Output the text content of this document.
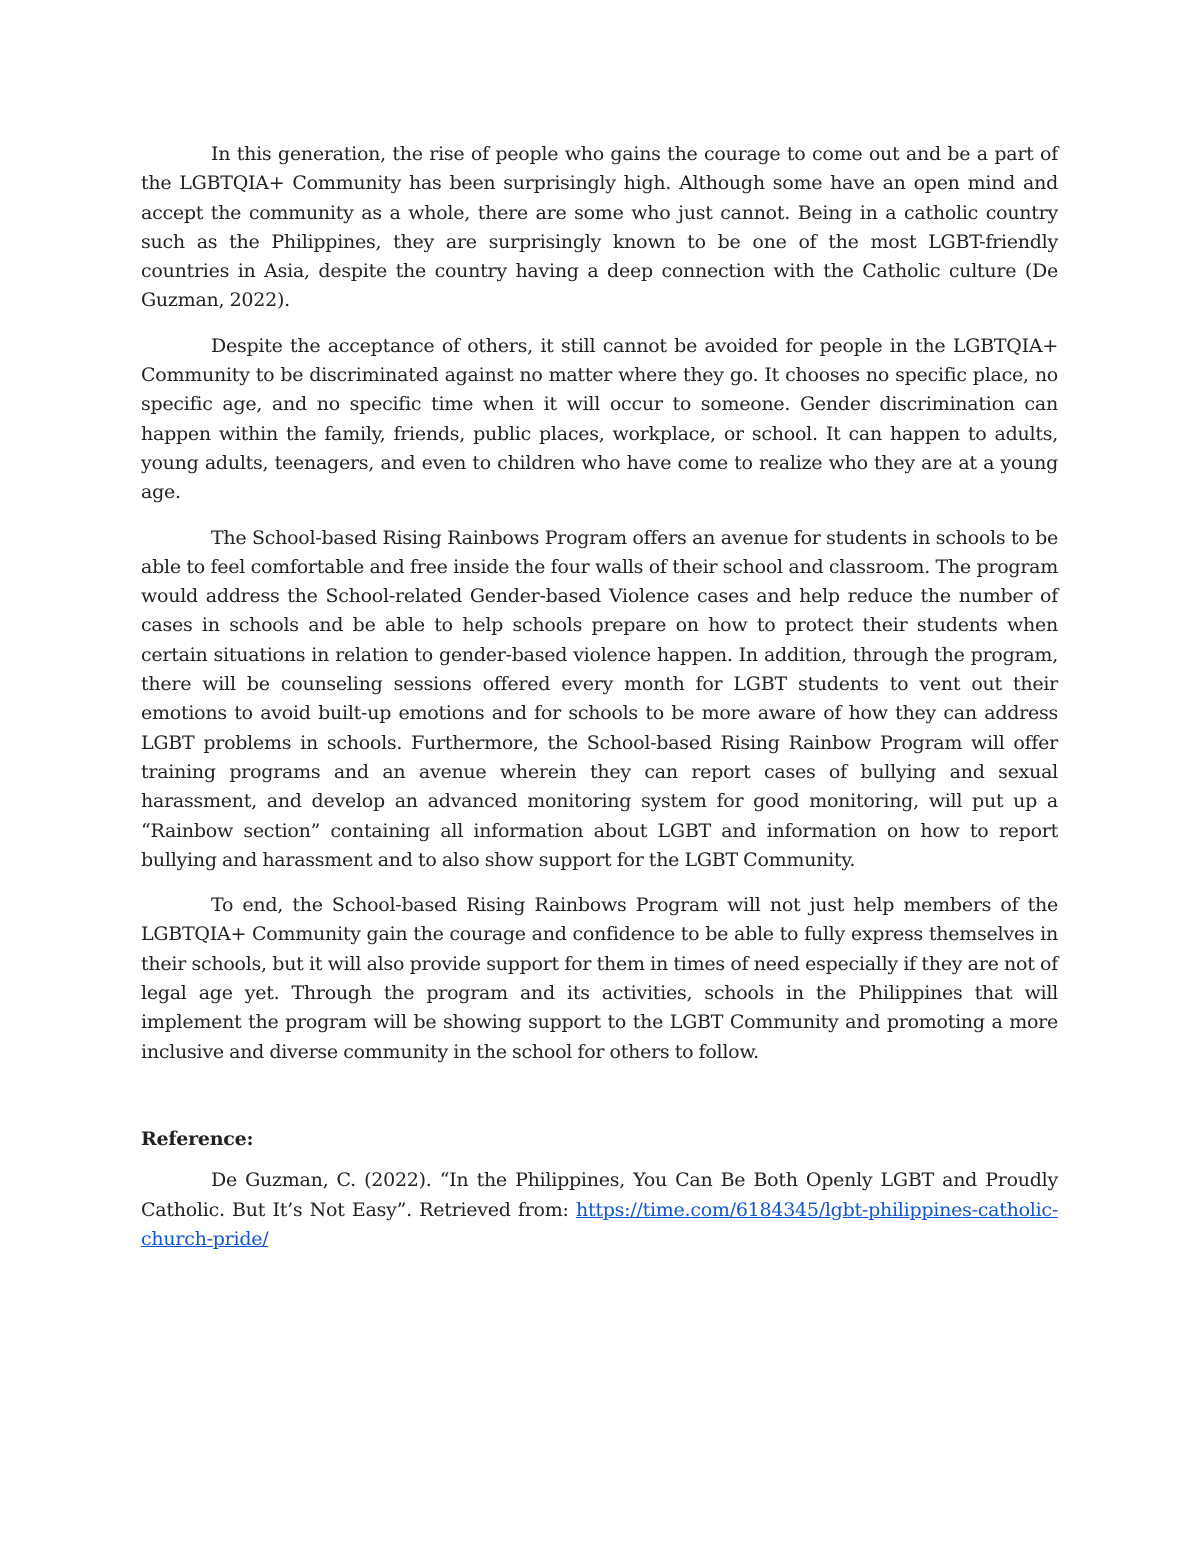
In this generation, the rise of people who gains the courage to come out and be a part of the LGBTQIA+ Community has been surprisingly high. Although some have an open mind and accept the community as a whole, there are some who just cannot. Being in a catholic country such as the Philippines, they are surprisingly known to be one of the most LGBT-friendly countries in Asia, despite the country having a deep connection with the Catholic culture (De Guzman, 2022).

Despite the acceptance of others, it still cannot be avoided for people in the LGBTQIA+ Community to be discriminated against no matter where they go. It chooses no specific place, no specific age, and no specific time when it will occur to someone. Gender discrimination can happen within the family, friends, public places, workplace, or school. It can happen to adults, young adults, teenagers, and even to children who have come to realize who they are at a young age.

The School-based Rising Rainbows Program offers an avenue for students in schools to be able to feel comfortable and free inside the four walls of their school and classroom. The program would address the School-related Gender-based Violence cases and help reduce the number of cases in schools and be able to help schools prepare on how to protect their students when certain situations in relation to gender-based violence happen. In addition, through the program, there will be counseling sessions offered every month for LGBT students to vent out their emotions to avoid built-up emotions and for schools to be more aware of how they can address LGBT problems in schools. Furthermore, the School-based Rising Rainbow Program will offer training programs and an avenue wherein they can report cases of bullying and sexual harassment, and develop an advanced monitoring system for good monitoring, will put up a “Rainbow section” containing all information about LGBT and information on how to report bullying and harassment and to also show support for the LGBT Community.

To end, the School-based Rising Rainbows Program will not just help members of the LGBTQIA+ Community gain the courage and confidence to be able to fully express themselves in their schools, but it will also provide support for them in times of need especially if they are not of legal age yet. Through the program and its activities, schools in the Philippines that will implement the program will be showing support to the LGBT Community and promoting a more inclusive and diverse community in the school for others to follow.

Reference:

De Guzman, C. (2022). “In the Philippines, You Can Be Both Openly LGBT and Proudly Catholic. But It’s Not Easy”. Retrieved from: https://time.com/6184345/lgbt-philippines-catholic-church-pride/
